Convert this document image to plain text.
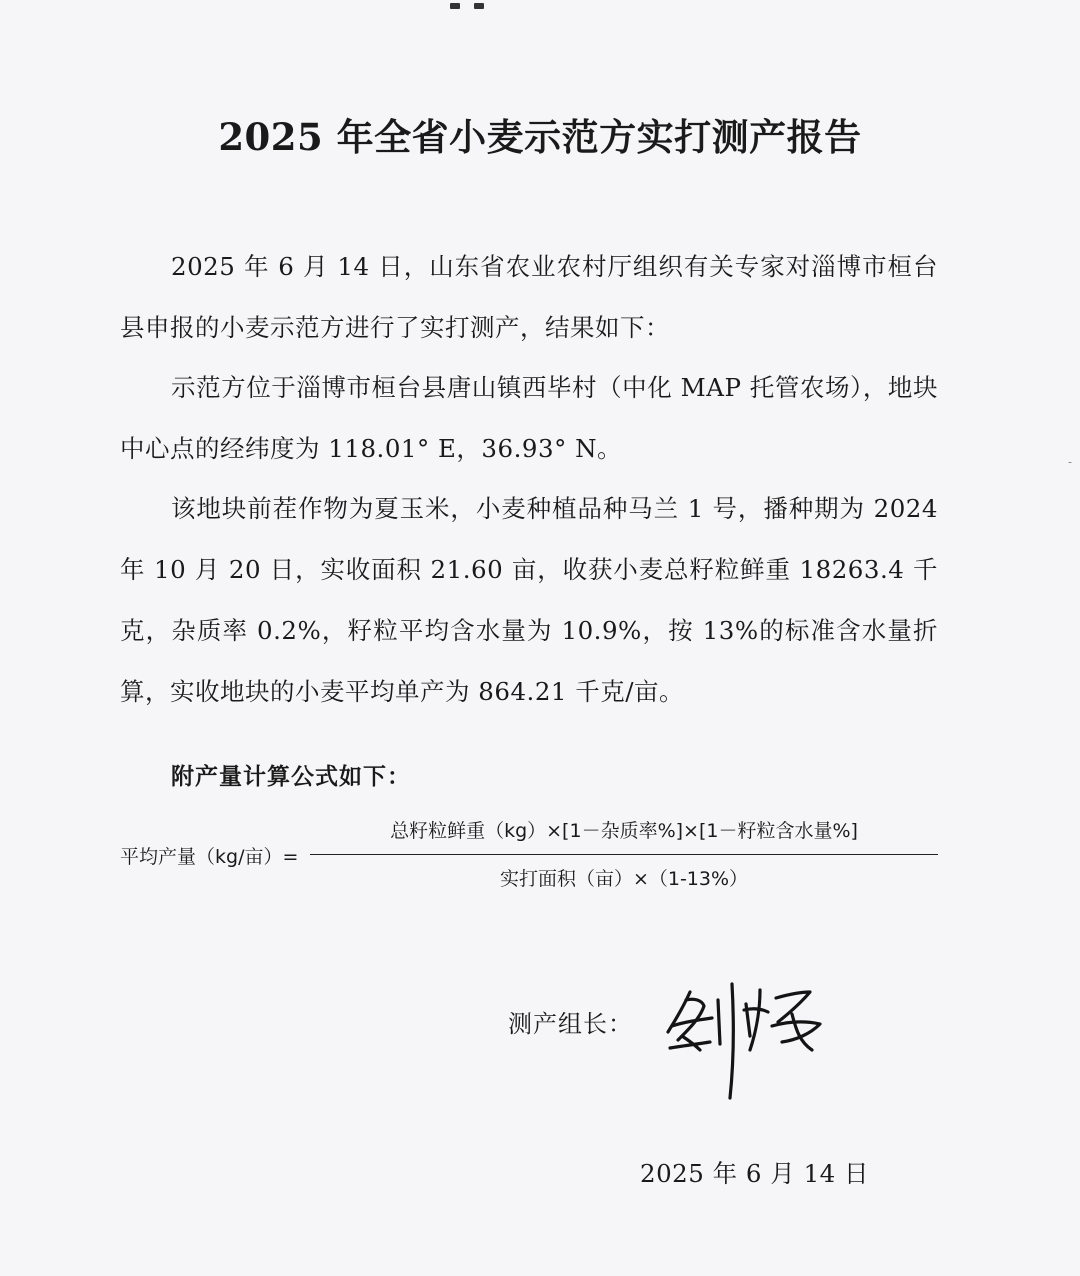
2025 年全省小麦示范方实打测产报告

2025 年 6 月 14 日，山东省农业农村厅组织有关专家对淄博市桓台县申报的小麦示范方进行了实打测产，结果如下：

示范方位于淄博市桓台县唐山镇西毕村（中化 MAP 托管农场），地块中心点的经纬度为 118.01° E，36.93° N。

该地块前茬作物为夏玉米，小麦种植品种马兰 1 号，播种期为 2024 年 10 月 20 日，实收面积 21.60 亩，收获小麦总籽粒鲜重 18263.4 千克，杂质率 0.2%，籽粒平均含水量为 10.9%，按 13%的标准含水量折算，实收地块的小麦平均单产为 864.21 千克/亩。

附产量计算公式如下：
平均产量（kg/亩）=
总籽粒鲜重（kg）×[1－杂质率%]×[1－籽粒含水量%]
实打面积（亩）×（1-13%）
测产组长：
2025 年 6 月 14 日
-
